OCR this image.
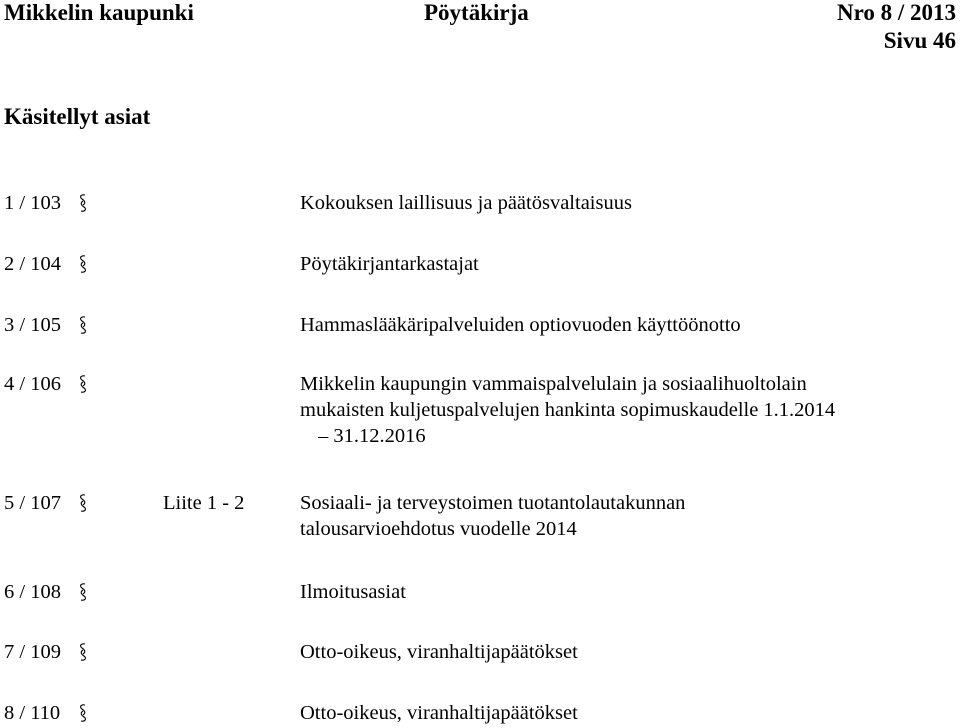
Mikkelin kaupunki	Pöytäkirja	Nro 8 / 2013
Sivu 46
Käsitellyt asiat
1 / 103	Kokouksen laillisuus ja päätösvaltaisuus
2 / 104	Pöytäkirjantarkastajat
3 / 105	Hammaslääkäripalveluiden optiovuoden käyttöönotto
4 / 106	Mikkelin kaupungin vammaispalvelulain ja sosiaalihuoltolain
mukaisten kuljetuspalvelujen hankinta sopimuskaudelle 1.1.2014
– 31.12.2016
5 / 107	Liite 1 - 2	Sosiaali- ja terveystoimen tuotantolautakunnan
talousarvioehdotus vuodelle 2014
6 / 108	Ilmoitusasiat
7 / 109	Otto-oikeus, viranhaltijapäätökset
8 / 110	Otto-oikeus, viranhaltijapäätökset
